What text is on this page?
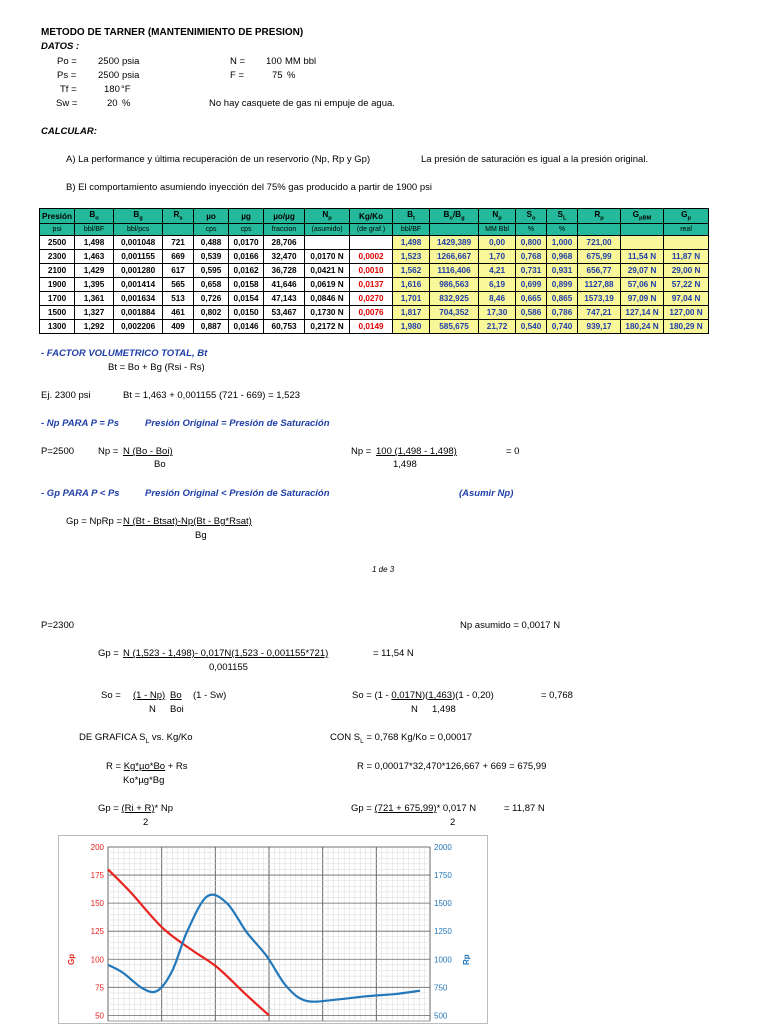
METODO DE TARNER (MANTENIMIENTO DE PRESION)
DATOS :
Po = 2500 psia
Ps = 2500 psia
Tf =	180 °F
Sw =	20 %
N = 100 MM bbl
F =	75 %
No hay casquete de gas ni empuje de agua.
CALCULAR:
A) La performance y última recuperación de un reservorio (Np, Rp y Gp)	La presión de saturación es igual a la presión original.
B) El comportamiento asumiendo inyección del 75% gas producido a partir de 1900 psi
Presión	$B_o$	$B_g$	$R_s$	µo	µg	µo/µg	$N_p$	Kg/Ko	$B_t$	$B_o/B_g$	$N_p$	$S_o$	$S_L$	$R_p$	$G_{pBM}$	$G_p$
psi	bbl/BF	bbl/pcs		cps	cps	fraccion	(asumido)	(de graf.)	bbl/BF		MM Bbl	%	%			real
2500	1,498	0,001048	721	0,488	0,0170	28,706			1,498	1429,389	0,00	0,800	1,000	721,00		
2300	1,463	0,001155	669	0,539	0,0166	32,470	0,0170 N	0,0002	1,523	1266,667	1,70	0,768	0,968	675,99	11,54 N	11,87 N
2100	1,429	0,001280	617	0,595	0,0162	36,728	0,0421 N	0,0010	1,562	1116,406	4,21	0,731	0,931	656,77	29,07 N	29,00 N
1900	1,395	0,001414	565	0,658	0,0158	41,646	0,0619 N	0,0137	1,616	986,563	6,19	0,699	0,899	1127,88	57,06 N	57,22 N
1700	1,361	0,001634	513	0,726	0,0154	47,143	0,0846 N	0,0270	1,701	832,925	8,46	0,665	0,865	1573,19	97,09 N	97,04 N
1500	1,327	0,001884	461	0,802	0,0150	53,467	0,1730 N	0,0076	1,817	704,352	17,30	0,586	0,786	747,21	127,14 N	127,00 N
1300	1,292	0,002206	409	0,887	0,0146	60,753	0,2172 N	0,0149	1,980	585,675	21,72	0,540	0,740	939,17	180,24 N	180,29 N
- FACTOR VOLUMETRICO TOTAL, Bt
Bt = Bo + Bg (Rsi - Rs)
Ej. 2300 psi	Bt = 1,463 + 0,001155 (721 - 669) = 1,523
- Np PARA P = Ps	Presión Original = Presión de Saturación
P=2500	Np = N (Bo - Boi)
Bo
Np = 100 (1,498 - 1,498)
1,498
= 0
- Gp PARA P < Ps	Presión Original < Presión de Saturación	(Asumir Np)
Gp = NpRp = N (Bt - Btsat)-Np(Bt - Bg*Rsat)
Bg
1 de 3
P=2300	Np asumido = 0,0017 N
Gp = N (1,523 - 1,498)- 0,017N(1,523 - 0,001155*721)
0,001155
= 11,54 N
So = (1 - Np) Bo (1 - Sw)
N Boi
So = (1 - 0,017N)(1,463)(1 - 0,20)
N 1,498
= 0,768
DE GRAFICA $S_L$ vs. Kg/Ko	CON $S_L = 0,768$ Kg/Ko = 0,00017
R = Kg*µo*Bo + Rs
Ko*µg*Bg
R = 0,00017*32,470*126,667 + 669 = 675,99
Gp = (Ri + R)* Np
2
Gp = (721 + 675,99)* 0,017 N
2
= 11,87 N
200
175
150
125
100
75
50
2000
1750
1500
1250
1000
750
500
Gp	Rp
